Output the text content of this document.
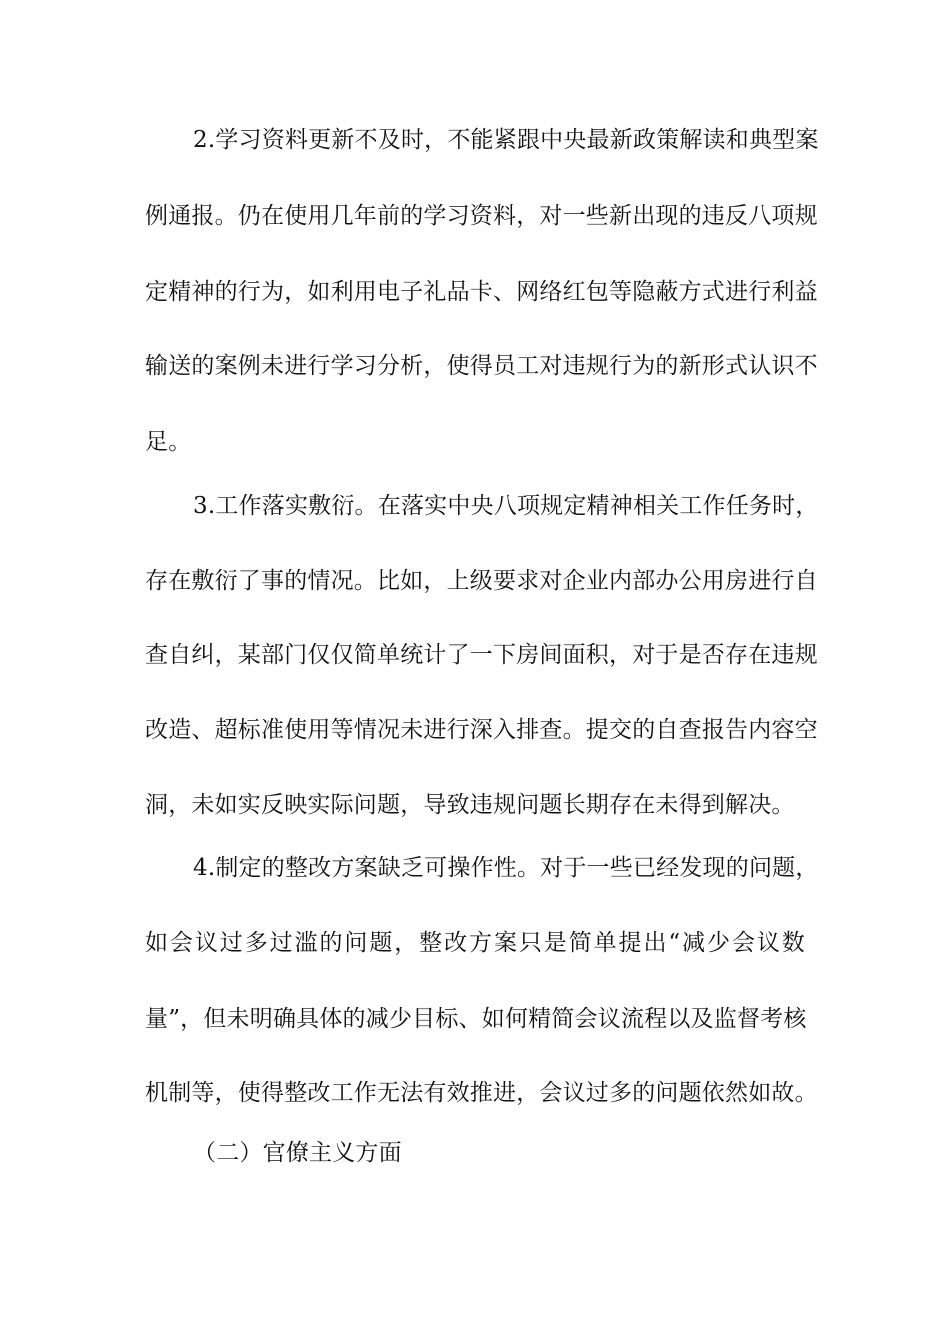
2.学习资料更新不及时，不能紧跟中央最新政策解读和典型案
例通报。仍在使用几年前的学习资料，对一些新出现的违反八项规
定精神的行为，如利用电子礼品卡、网络红包等隐蔽方式进行利益
输送的案例未进行学习分析，使得员工对违规行为的新形式认识不
足。
3.工作落实敷衍。在落实中央八项规定精神相关工作任务时，
存在敷衍了事的情况。比如，上级要求对企业内部办公用房进行自
查自纠，某部门仅仅简单统计了一下房间面积，对于是否存在违规
改造、超标准使用等情况未进行深入排查。提交的自查报告内容空
洞，未如实反映实际问题，导致违规问题长期存在未得到解决。
4.制定的整改方案缺乏可操作性。对于一些已经发现的问题，
如会议过多过滥的问题，整改方案只是简单提出“减少会议数
量”，但未明确具体的减少目标、如何精简会议流程以及监督考核
机制等，使得整改工作无法有效推进，会议过多的问题依然如故。
（二）官僚主义方面
